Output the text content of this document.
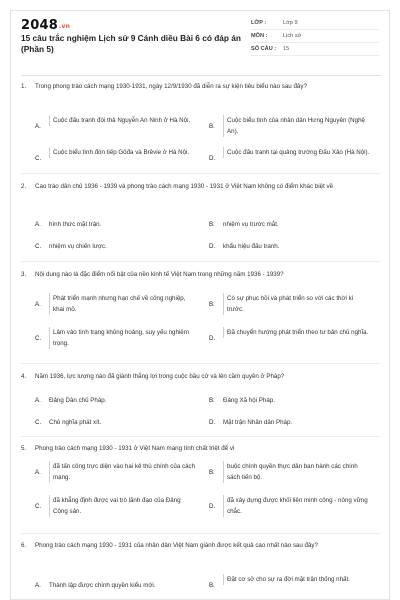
2048.vn
15 câu trắc nghiệm Lịch sử 9 Cánh diều Bài 6 có đáp án (Phần 5)
LỚP :	Lớp 9
MÔN :	Lịch sử
SỐ CÂU :	15
1. Trong phong trào cách mạng 1930-1931, ngày 12/9/1930 đã diễn ra sự kiện tiêu biểu nào sau đây?
A.
Cuộc đấu tranh đòi thả Nguyễn An Ninh ở Hà Nội.
B.
Cuộc biểu tình của nhân dân Hưng Nguyên (Nghệ An).
C.
Cuộc biểu tình đón tiếp Gôđa và Brêvie ở Hà Nội.
D.
Cuộc đấu tranh tại quảng trường Đấu Xảo (Hà Nội).
2. Cao trào dân chủ 1936 - 1939 và phong trào cách mạng 1930 - 1931 ở Việt Nam không có điểm khác biệt về
A. hình thức mặt trận.	B. nhiệm vụ trước mắt.
C. nhiệm vụ chiến lược.	D. khẩu hiệu đấu tranh.
3. Nội dung nào là đặc điểm nổi bật của nền kinh tế Việt Nam trong những năm 1936 - 1939?
A.
Phát triển mạnh nhưng hạn chế về công nghiệp, khai mỏ.
B.
Có sự phục hồi và phát triển so với các thời kì trước.
C.
Lâm vào tình trạng khủng hoảng, suy yếu nghiêm trọng.
D.
Đã chuyển hướng phát triển theo tư bản chủ nghĩa.
4. Năm 1936, lực lượng nào đã giành thắng lợi trong cuộc bầu cử và lên cầm quyền ở Pháp?
A. Đảng Dân chủ Pháp.	B. Đảng Xã hội Pháp.
C. Chủ nghĩa phát xít.	D. Mặt trận Nhân dân Pháp.
5. Phong trào cách mạng 1930 - 1931 ở Việt Nam mang tính chất triệt để vì
A.
đã tấn công trực diện vào hai kẻ thù chính của cách mạng.
B.
buộc chính quyền thực dân ban hành các chính sách tiến bộ.
C.
đã khẳng định được vai trò lãnh đạo của Đảng Cộng sản.
D.
đã xây dựng được khối liên minh công - nông vững chắc.
6. Phong trào cách mạng 1930 - 1931 của nhân dân Việt Nam giành được kết quả cao nhất nào sau đây?
A. Thành lập được chính quyền kiểu mới.	B.
Đặt cơ sở cho sự ra đời mặt trận thống nhất.
